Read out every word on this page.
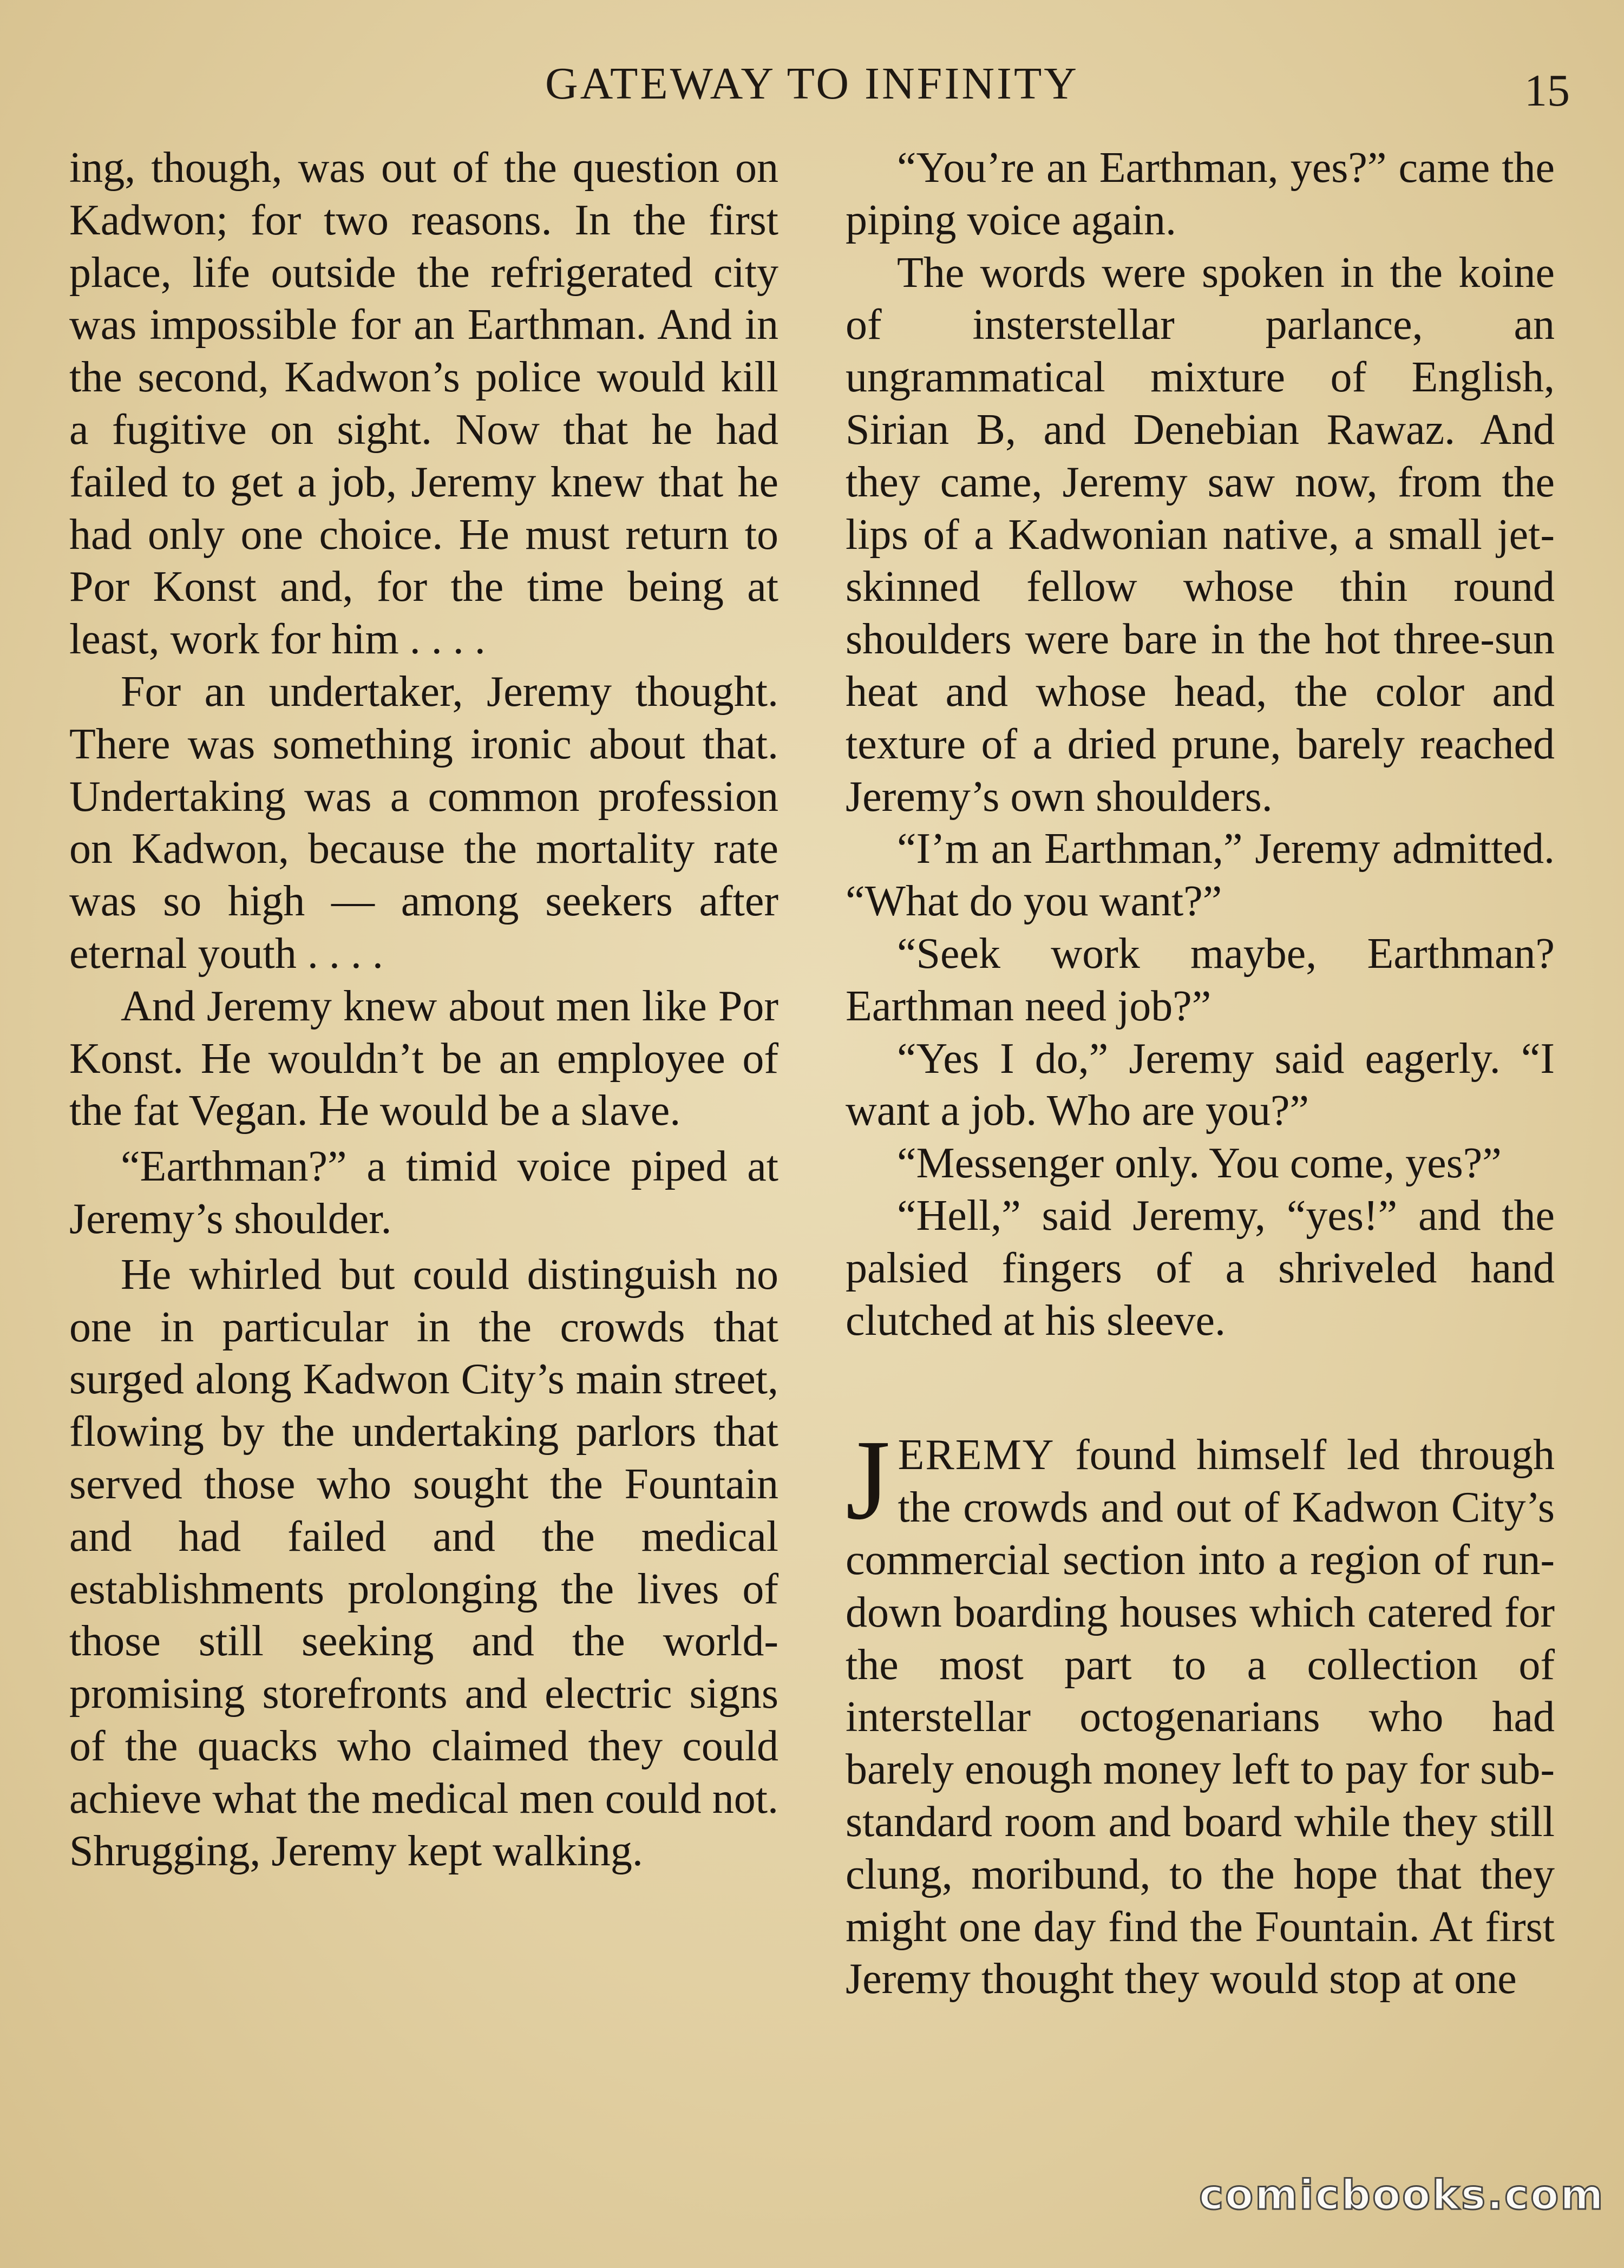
GATEWAY TO INFINITY	15

ing, though, was out of the question on Kadwon; for two reasons. In the first place, life outside the refrigerated city was impossible for an Earthman. And in the second, Kadwon’s police would kill a fugitive on sight. Now that he had failed to get a job, Jeremy knew that he had only one choice. He must return to Por Konst and, for the time being at least, work for him . . . .

For an undertaker, Jeremy thought. There was something ironic about that. Undertaking was a common profession on Kadwon, because the mortality rate was so high — among seekers after eternal youth . . . .

And Jeremy knew about men like Por Konst. He wouldn’t be an employee of the fat Vegan. He would be a slave.

“Earthman?” a timid voice piped at Jeremy’s shoulder.

He whirled but could distinguish no one in particular in the crowds that surged along Kadwon City’s main street, flowing by the undertaking parlors that served those who sought the Fountain and had failed and the medical establishments prolonging the lives of those still seeking and the world-promising storefronts and electric signs of the quacks who claimed they could achieve what the medical men could not. Shrugging, Jeremy kept walking.

“You’re an Earthman, yes?” came the piping voice again.

The words were spoken in the koine of insterstellar parlance, an ungrammatical mixture of English, Sirian B, and Denebian Rawaz. And they came, Jeremy saw now, from the lips of a Kadwonian native, a small jet-skinned fellow whose thin round shoulders were bare in the hot three-sun heat and whose head, the color and texture of a dried prune, barely reached Jeremy’s own shoulders.

“I’m an Earthman,” Jeremy admitted. “What do you want?”

“Seek work maybe, Earthman? Earthman need job?”

“Yes I do,” Jeremy said eagerly. “I want a job. Who are you?”

“Messenger only. You come, yes?”

“Hell,” said Jeremy, “yes!” and the palsied fingers of a shriveled hand clutched at his sleeve.

JEREMY found himself led through the crowds and out of Kadwon City’s commercial section into a region of run-down boarding houses which catered for the most part to a collection of interstellar octogenarians who had barely enough money left to pay for sub-standard room and board while they still clung, moribund, to the hope that they might one day find the Fountain. At first Jeremy thought they would stop at one

comicbooks.com
